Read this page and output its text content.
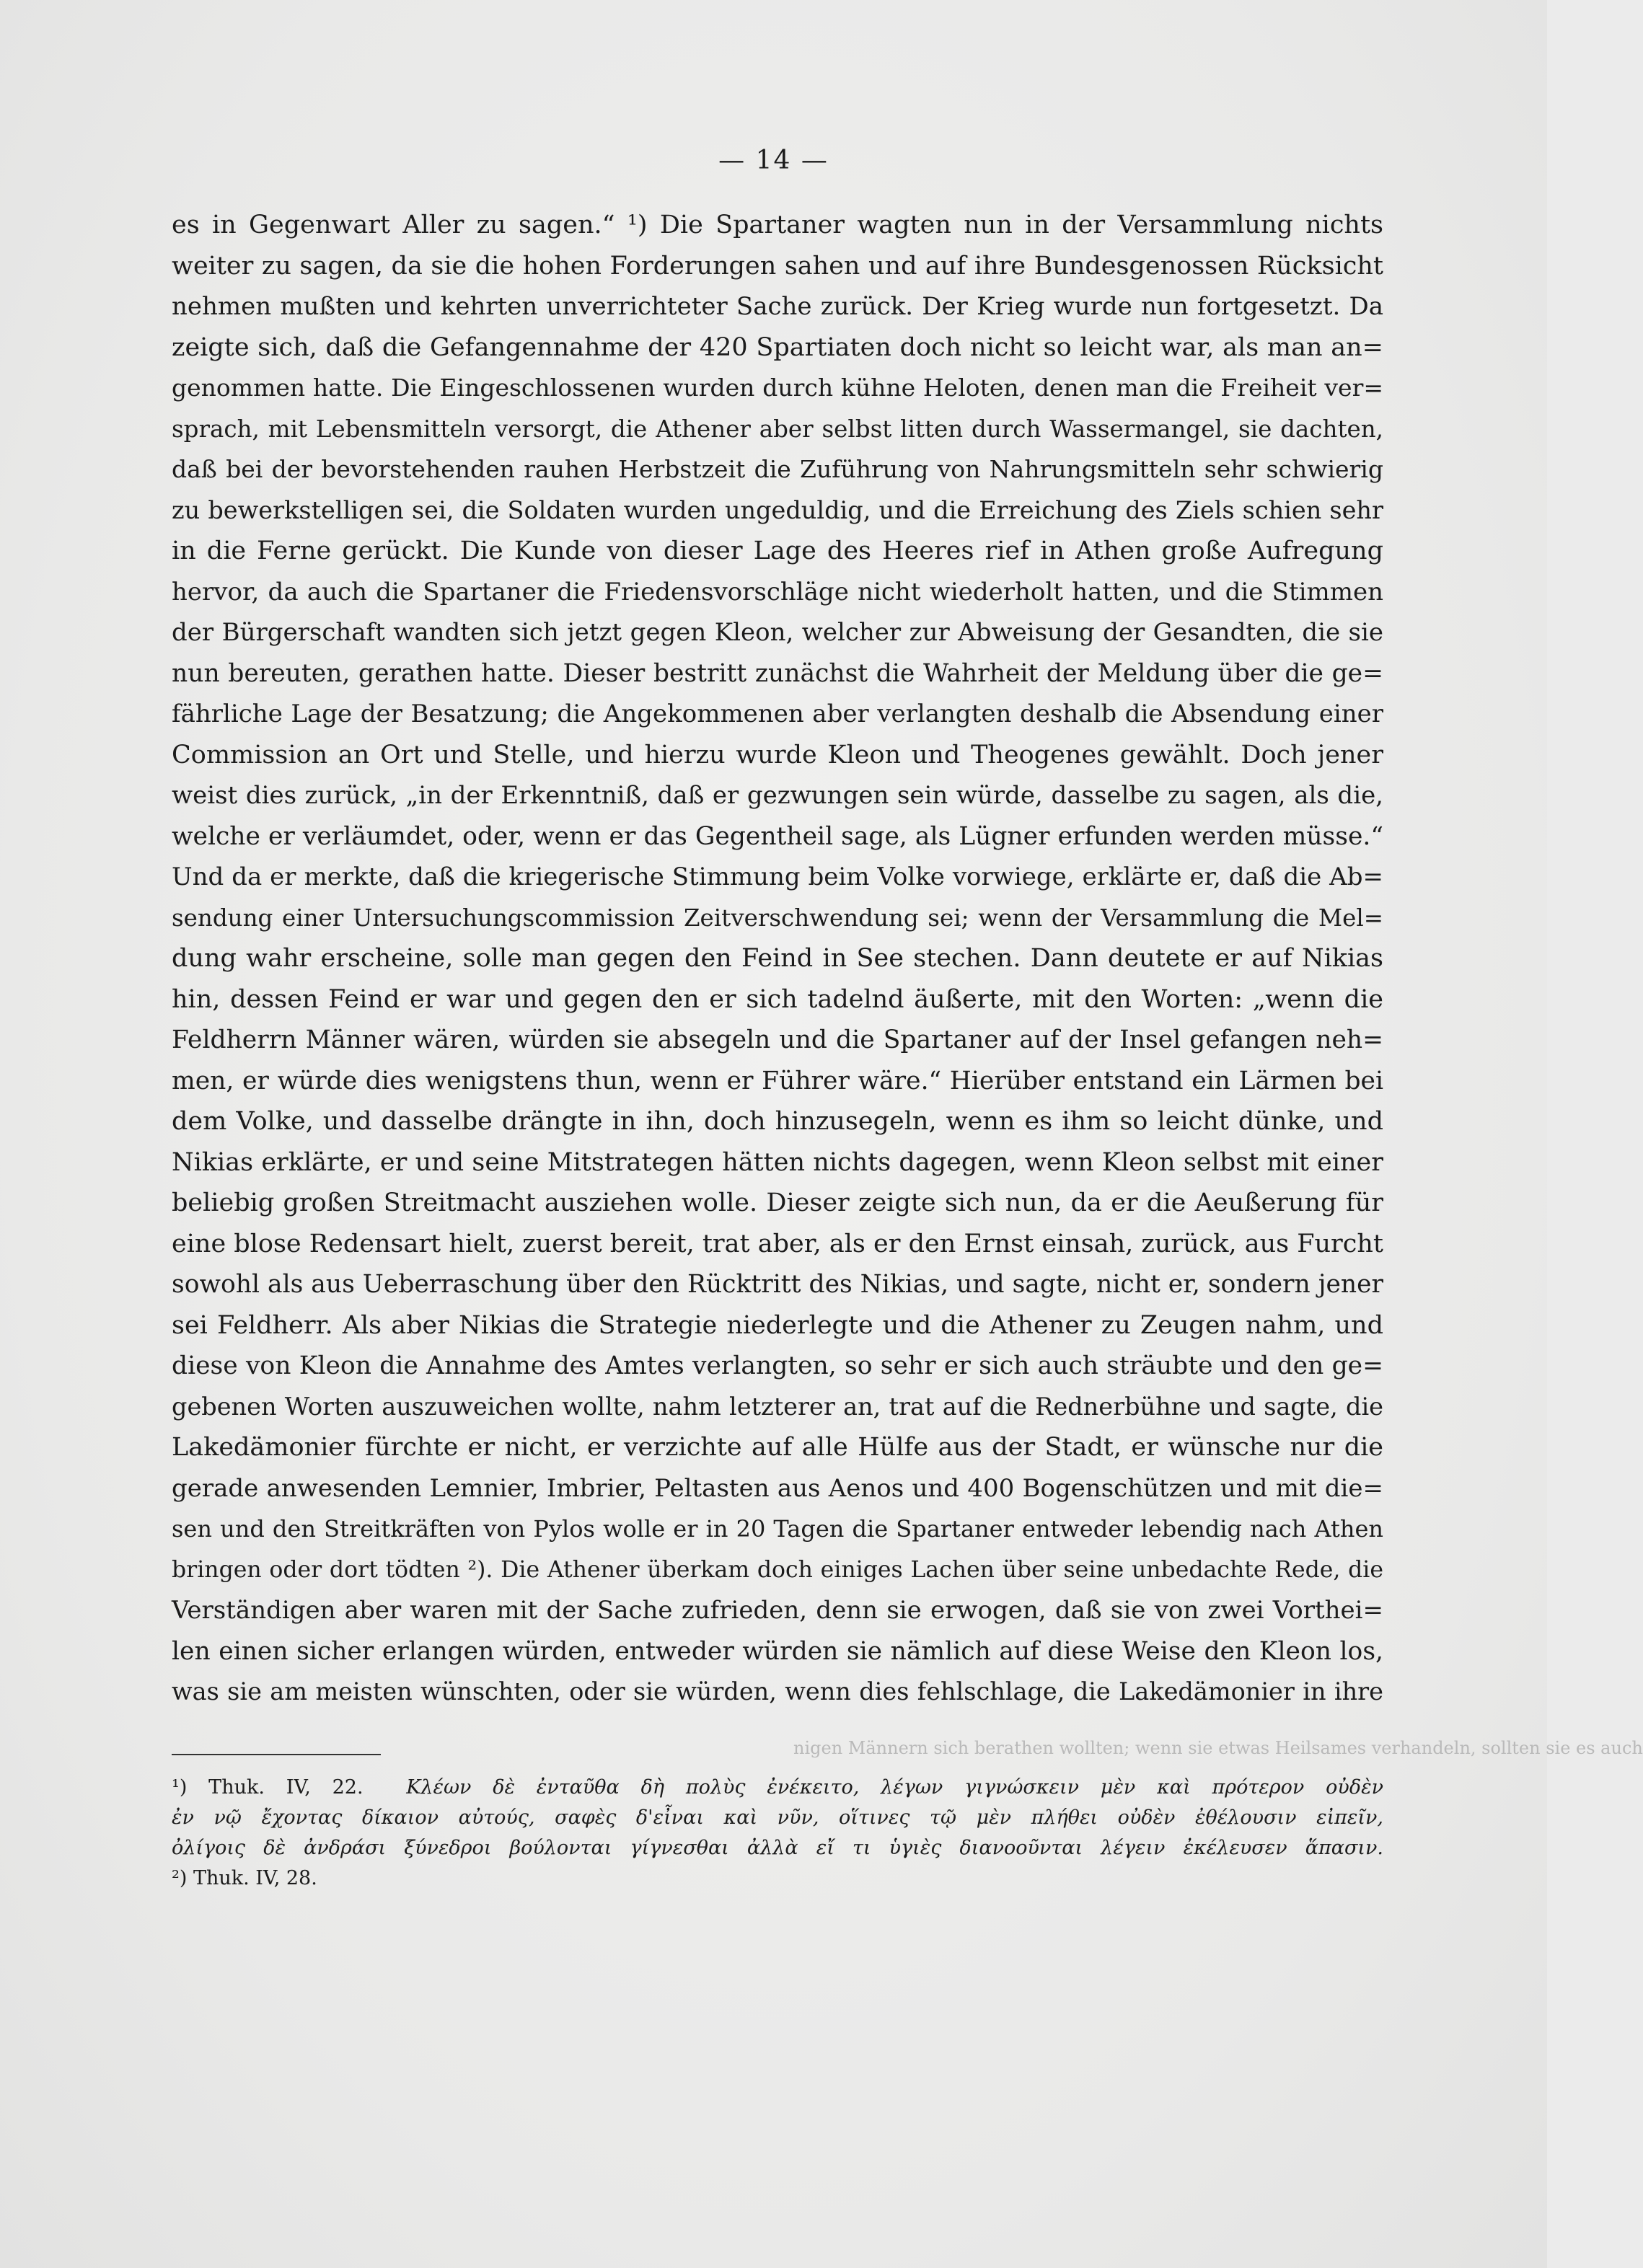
— 14 —
es in Gegenwart Aller zu sagen.“ ¹) Die Spartaner wagten nun in der Versammlung nichts
weiter zu sagen, da sie die hohen Forderungen sahen und auf ihre Bundesgenossen Rücksicht
nehmen mußten und kehrten unverrichteter Sache zurück. Der Krieg wurde nun fortgesetzt. Da
zeigte sich, daß die Gefangennahme der 420 Spartiaten doch nicht so leicht war, als man an=
genommen hatte. Die Eingeschlossenen wurden durch kühne Heloten, denen man die Freiheit ver=
sprach, mit Lebensmitteln versorgt, die Athener aber selbst litten durch Wassermangel, sie dachten,
daß bei der bevorstehenden rauhen Herbstzeit die Zuführung von Nahrungsmitteln sehr schwierig
zu bewerkstelligen sei, die Soldaten wurden ungeduldig, und die Erreichung des Ziels schien sehr
in die Ferne gerückt. Die Kunde von dieser Lage des Heeres rief in Athen große Aufregung
hervor, da auch die Spartaner die Friedensvorschläge nicht wiederholt hatten, und die Stimmen
der Bürgerschaft wandten sich jetzt gegen Kleon, welcher zur Abweisung der Gesandten, die sie
nun bereuten, gerathen hatte. Dieser bestritt zunächst die Wahrheit der Meldung über die ge=
fährliche Lage der Besatzung; die Angekommenen aber verlangten deshalb die Absendung einer
Commission an Ort und Stelle, und hierzu wurde Kleon und Theogenes gewählt. Doch jener
weist dies zurück, „in der Erkenntniß, daß er gezwungen sein würde, dasselbe zu sagen, als die,
welche er verläumdet, oder, wenn er das Gegentheil sage, als Lügner erfunden werden müsse.“
Und da er merkte, daß die kriegerische Stimmung beim Volke vorwiege, erklärte er, daß die Ab=
sendung einer Untersuchungscommission Zeitverschwendung sei; wenn der Versammlung die Mel=
dung wahr erscheine, solle man gegen den Feind in See stechen. Dann deutete er auf Nikias
hin, dessen Feind er war und gegen den er sich tadelnd äußerte, mit den Worten: „wenn die
Feldherrn Männer wären, würden sie absegeln und die Spartaner auf der Insel gefangen neh=
men, er würde dies wenigstens thun, wenn er Führer wäre.“ Hierüber entstand ein Lärmen bei
dem Volke, und dasselbe drängte in ihn, doch hinzusegeln, wenn es ihm so leicht dünke, und
Nikias erklärte, er und seine Mitstrategen hätten nichts dagegen, wenn Kleon selbst mit einer
beliebig großen Streitmacht ausziehen wolle. Dieser zeigte sich nun, da er die Aeußerung für
eine blose Redensart hielt, zuerst bereit, trat aber, als er den Ernst einsah, zurück, aus Furcht
sowohl als aus Ueberraschung über den Rücktritt des Nikias, und sagte, nicht er, sondern jener
sei Feldherr. Als aber Nikias die Strategie niederlegte und die Athener zu Zeugen nahm, und
diese von Kleon die Annahme des Amtes verlangten, so sehr er sich auch sträubte und den ge=
gebenen Worten auszuweichen wollte, nahm letzterer an, trat auf die Rednerbühne und sagte, die
Lakedämonier fürchte er nicht, er verzichte auf alle Hülfe aus der Stadt, er wünsche nur die
gerade anwesenden Lemnier, Imbrier, Peltasten aus Aenos und 400 Bogenschützen und mit die=
sen und den Streitkräften von Pylos wolle er in 20 Tagen die Spartaner entweder lebendig nach Athen
bringen oder dort tödten ²). Die Athener überkam doch einiges Lachen über seine unbedachte Rede, die
Verständigen aber waren mit der Sache zufrieden, denn sie erwogen, daß sie von zwei Vorthei=
len einen sicher erlangen würden, entweder würden sie nämlich auf diese Weise den Kleon los,
was sie am meisten wünschten, oder sie würden, wenn dies fehlschlage, die Lakedämonier in ihre
nigen Männern sich berathen wollten; wenn sie etwas Heilsames verhandeln, sollten sie es auch
¹) Thuk. IV, 22. Κλέων δὲ ἐνταῦθα δὴ πολὺς ἐνέκειτο, λέγων γιγνώσκειν μὲν καὶ πρότερον οὐδὲν
ἐν νῷ ἔχοντας δίκαιον αὐτούς, σαφὲς δ'εἶναι καὶ νῦν, οἵτινες τῷ μὲν πλήθει οὐδὲν ἐθέλουσιν εἰπεῖν,
ὀλίγοις δὲ ἀνδράσι ξύνεδροι βούλονται γίγνεσθαι ἀλλὰ εἴ τι ὑγιὲς διανοοῦνται λέγειν ἐκέλευσεν ἅπασιν.
²) Thuk. IV, 28.
